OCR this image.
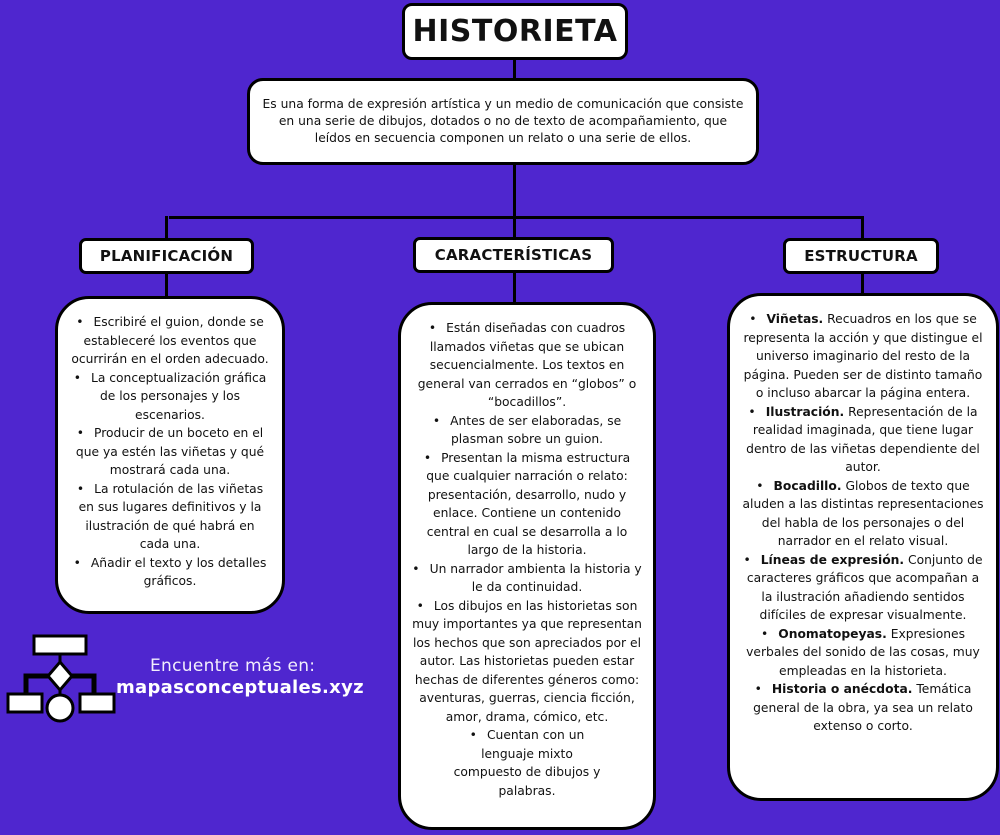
HISTORIETA
Es una forma de expresión artística y un medio de comunicación que consiste en una serie de dibujos, dotados o no de texto de acompañamiento, que leídos en secuencia componen un relato o una serie de ellos.
PLANIFICACIÓN	CARACTERÍSTICAS	ESTRUCTURA
• Escribiré el guion, donde se estableceré los eventos que ocurrirán en el orden adecuado.
• La conceptualización gráfica de los personajes y los escenarios.
• Producir de un boceto en el que ya estén las viñetas y qué mostrará cada una.
• La rotulación de las viñetas en sus lugares definitivos y la ilustración de qué habrá en cada una.
• Añadir el texto y los detalles gráficos.
• Están diseñadas con cuadros llamados viñetas que se ubican secuencialmente. Los textos en general van cerrados en “globos” o “bocadillos”.
• Antes de ser elaboradas, se plasman sobre un guion.
• Presentan la misma estructura que cualquier narración o relato: presentación, desarrollo, nudo y enlace. Contiene un contenido central en cual se desarrolla a lo largo de la historia.
• Un narrador ambienta la historia y le da continuidad.
• Los dibujos en las historietas son muy importantes ya que representan los hechos que son apreciados por el autor. Las historietas pueden estar hechas de diferentes géneros como: aventuras, guerras, ciencia ficción, amor, drama, cómico, etc.
• Cuentan con un lenguaje mixto compuesto de dibujos y palabras.
• Viñetas. Recuadros en los que se representa la acción y que distingue el universo imaginario del resto de la página. Pueden ser de distinto tamaño o incluso abarcar la página entera.
• Ilustración. Representación de la realidad imaginada, que tiene lugar dentro de las viñetas dependiente del autor.
• Bocadillo. Globos de texto que aluden a las distintas representaciones del habla de los personajes o del narrador en el relato visual.
• Líneas de expresión. Conjunto de caracteres gráficos que acompañan a la ilustración añadiendo sentidos difíciles de expresar visualmente.
• Onomatopeyas. Expresiones verbales del sonido de las cosas, muy empleadas en la historieta.
• Historia o anécdota. Temática general de la obra, ya sea un relato extenso o corto.
Encuentre más en:
mapasconceptuales.xyz
